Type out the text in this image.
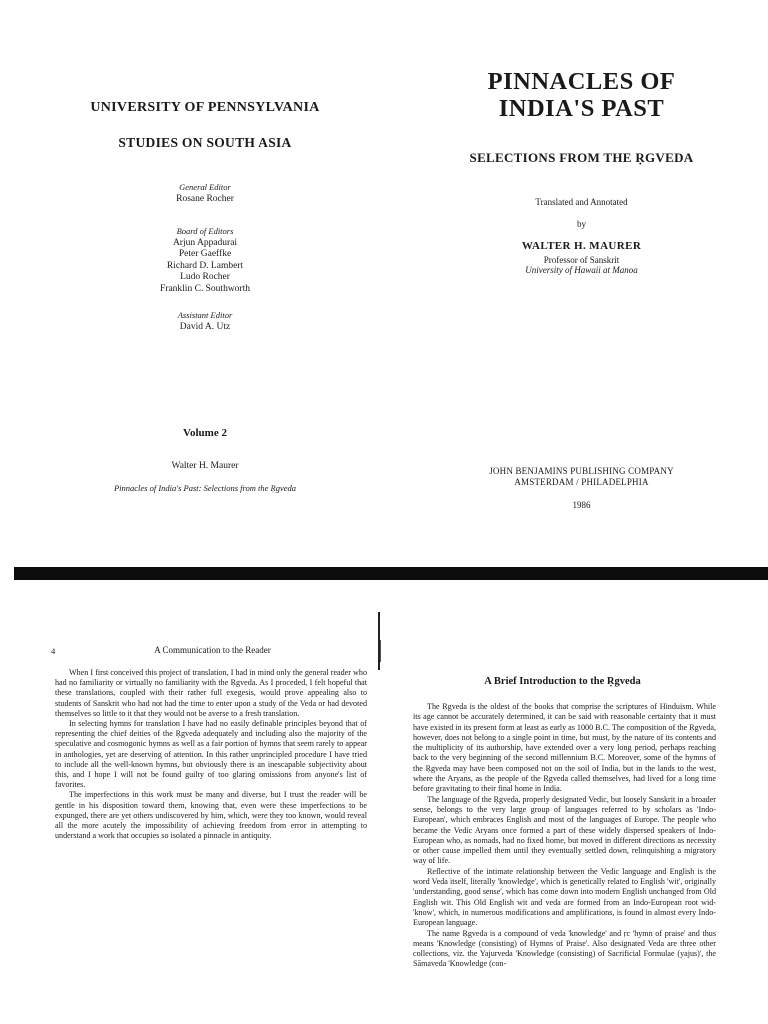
UNIVERSITY OF PENNSYLVANIA
STUDIES ON SOUTH ASIA
General Editor
Rosane Rocher
Board of Editors
Arjun Appadurai
Peter Gaeffke
Richard D. Lambert
Ludo Rocher
Franklin C. Southworth
Assistant Editor
David A. Utz
Volume 2
Walter H. Maurer
Pinnacles of India's Past: Selections from the Ṛgveda
PINNACLES OF
INDIA'S PAST
SELECTIONS FROM THE ṚGVEDA
Translated and Annotated
by
WALTER H. MAURER
Professor of Sanskrit
University of Hawaii at Manoa
JOHN BENJAMINS PUBLISHING COMPANY
AMSTERDAM / PHILADELPHIA
1986
4	A Communication to the Reader

When I first conceived this project of translation, I had in mind only the general reader who had no familiarity or virtually no familiarity with the Ṛgveda. As I proceded, I felt hopeful that these translations, coupled with their rather full exegesis, would prove appealing also to students of Sanskrit who had not had the time to enter upon a study of the Veda or had devoted themselves so little to it that they would not be averse to a fresh translation.

In selecting hymns for translation I have had no easily definable principles beyond that of representing the chief deities of the Ṛgveda adequately and including also the majority of the speculative and cosmogonic hymns as well as a fair portion of hymns that seem rarely to appear in anthologies, yet are deserving of attention. In this rather unprincipled procedure I have tried to include all the well-known hymns, but obviously there is an inescapable subjectivity about this, and I hope I will not be found guilty of too glaring omissions from anyone's list of favorites.

The imperfections in this work must be many and diverse, but I trust the reader will be gentle in his disposition toward them, knowing that, even were these imperfections to be expunged, there are yet others undiscovered by him, which, were they too known, would reveal all the more acutely the impossibility of achieving freedom from error in attempting to understand a work that occupies so isolated a pinnacle in antiquity.

A Brief Introduction to the Ṛgveda

The Ṛgveda is the oldest of the books that comprise the scriptures of Hinduism. While its age cannot be accurately determined, it can be said with reasonable certainty that it must have existed in its present form at least as early as 1000 B.C. The composition of the Ṛgveda, however, does not belong to a single point in time, but must, by the nature of its contents and the multiplicity of its authorship, have extended over a very long period, perhaps reaching back to the very beginning of the second millennium B.C. Moreover, some of the hymns of the Ṛgveda may have been composed not on the soil of India, but in the lands to the west, where the Aryans, as the people of the Ṛgveda called themselves, had lived for a long time before gravitating to their final home in India.

The language of the Ṛgveda, properly designated Vedic, but loosely Sanskrit in a broader sense, belongs to the very large group of languages referred to by scholars as 'Indo-European', which embraces English and most of the languages of Europe. The people who became the Vedic Aryans once formed a part of these widely dispersed speakers of Indo-European who, as nomads, had no fixed home, but moved in different directions as necessity or other cause impelled them until they eventually settled down, relinquishing a migratory way of life.

Reflective of the intimate relationship between the Vedic language and English is the word Veda itself, literally 'knowledge', which is genetically related to English 'wit', originally 'understanding, good sense', which has come down into modern English unchanged from Old English wit. This Old English wit and veda are formed from an Indo-European root wid- 'know', which, in numerous modifications and amplifications, is found in almost every Indo-European language.

The name Ṛgveda is a compound of veda 'knowledge' and ṛc 'hymn of praise' and thus means 'Knowledge (consisting) of Hymns of Praise'. Also designated Veda are three other collections, viz. the Yajurveda 'Knowledge (consisting) of Sacrificial Formulae (yajus)', the Sāmaveda 'Knowledge (con-
